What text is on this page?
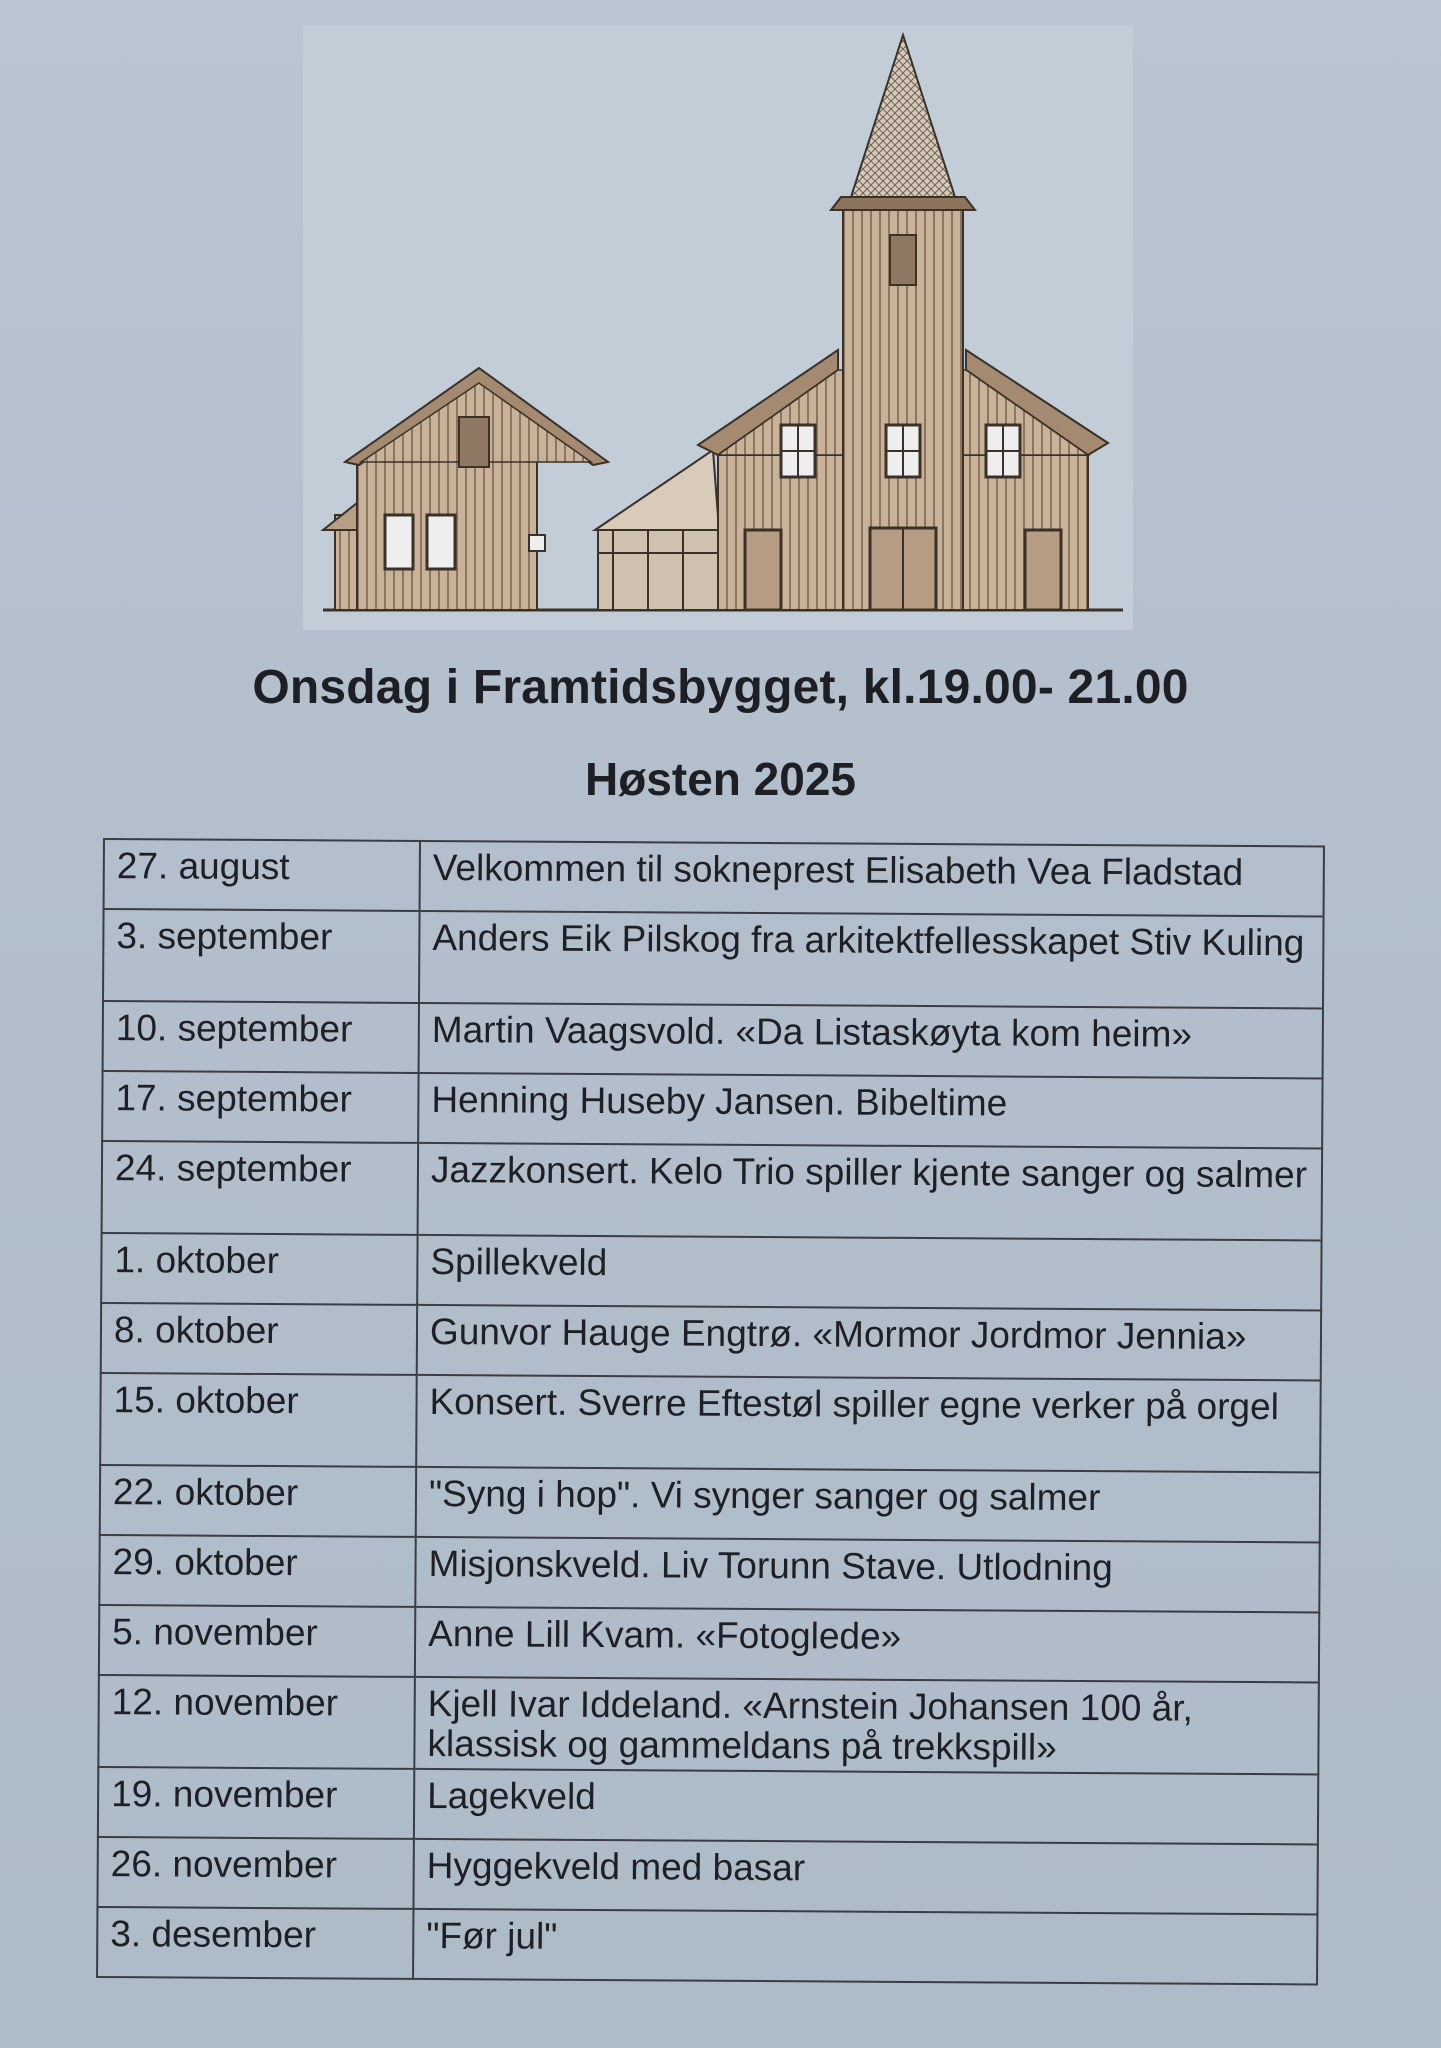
Onsdag i Framtidsbygget, kl.19.00- 21.00
Høsten 2025
27. august	Velkommen til sokneprest Elisabeth Vea Fladstad
3. september	Anders Eik Pilskog fra arkitektfellesskapet Stiv Kuling
10. september	Martin Vaagsvold. «Da Listaskøyta kom heim»
17. september	Henning Huseby Jansen. Bibeltime
24. september	Jazzkonsert. Kelo Trio spiller kjente sanger og salmer
1. oktober	Spillekveld
8. oktober	Gunvor Hauge Engtrø. «Mormor Jordmor Jennia»
15. oktober	Konsert. Sverre Eftestøl spiller egne verker på orgel
22. oktober	"Syng i hop". Vi synger sanger og salmer
29. oktober	Misjonskveld. Liv Torunn Stave. Utlodning
5. november	Anne Lill Kvam. «Fotoglede»
12. november	Kjell Ivar Iddeland. «Arnstein Johansen 100 år, klassisk og gammeldans på trekkspill»
19. november	Lagekveld
26. november	Hyggekveld med basar
3. desember	"Før jul"
